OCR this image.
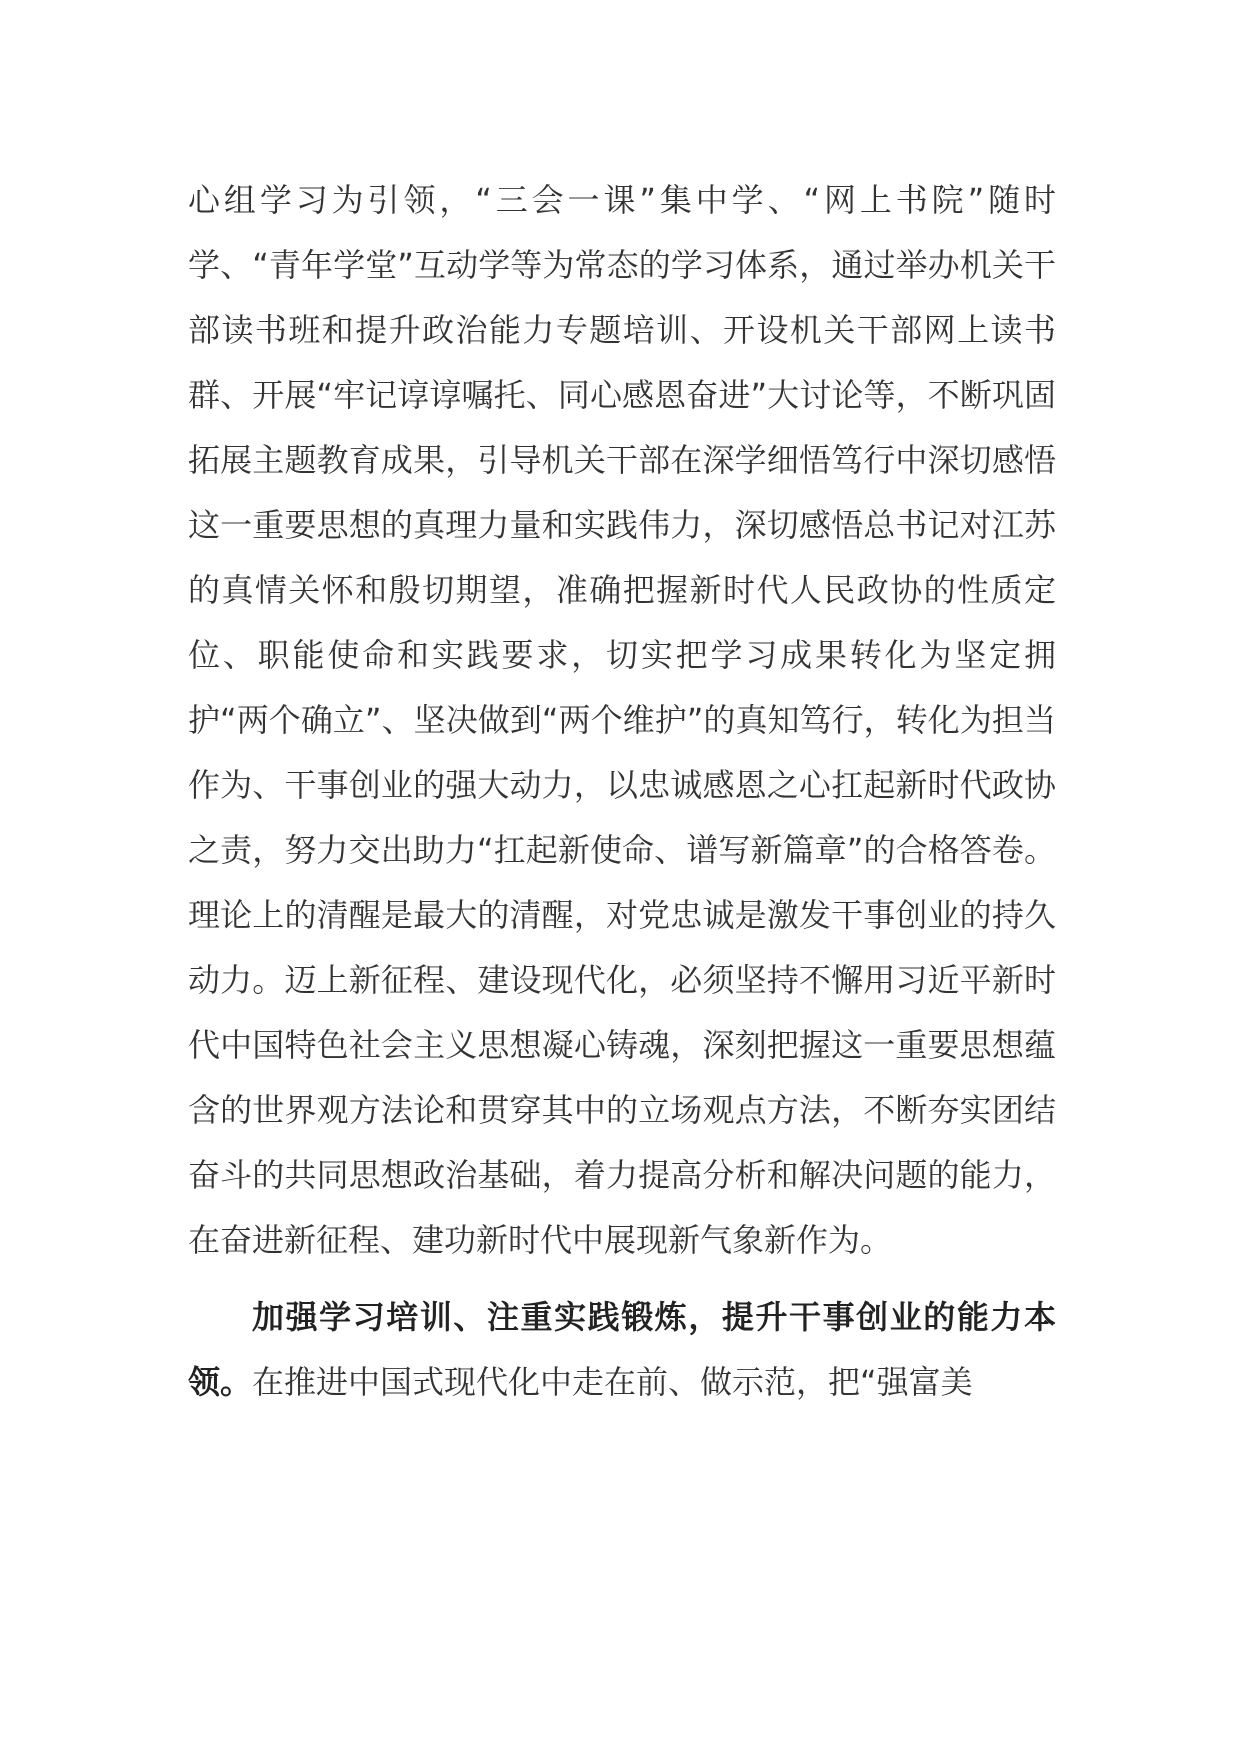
心组学习为引领，“三会一课”集中学、“网上书院”随时学、“青年学堂”互动学等为常态的学习体系，通过举办机关干部读书班和提升政治能力专题培训、开设机关干部网上读书群、开展“牢记谆谆嘱托、同心感恩奋进”大讨论等，不断巩固拓展主题教育成果，引导机关干部在深学细悟笃行中深切感悟这一重要思想的真理力量和实践伟力，深切感悟总书记对江苏的真情关怀和殷切期望，准确把握新时代人民政协的性质定位、职能使命和实践要求，切实把学习成果转化为坚定拥护“两个确立”、坚决做到“两个维护”的真知笃行，转化为担当作为、干事创业的强大动力，以忠诚感恩之心扛起新时代政协之责，努力交出助力“扛起新使命、谱写新篇章”的合格答卷。理论上的清醒是最大的清醒，对党忠诚是激发干事创业的持久动力。迈上新征程、建设现代化，必须坚持不懈用习近平新时代中国特色社会主义思想凝心铸魂，深刻把握这一重要思想蕴含的世界观方法论和贯穿其中的立场观点方法，不断夯实团结奋斗的共同思想政治基础，着力提高分析和解决问题的能力，在奋进新征程、建功新时代中展现新气象新作为。

加强学习培训、注重实践锻炼，提升干事创业的能力本领。在推进中国式现代化中走在前、做示范，把“强富美
